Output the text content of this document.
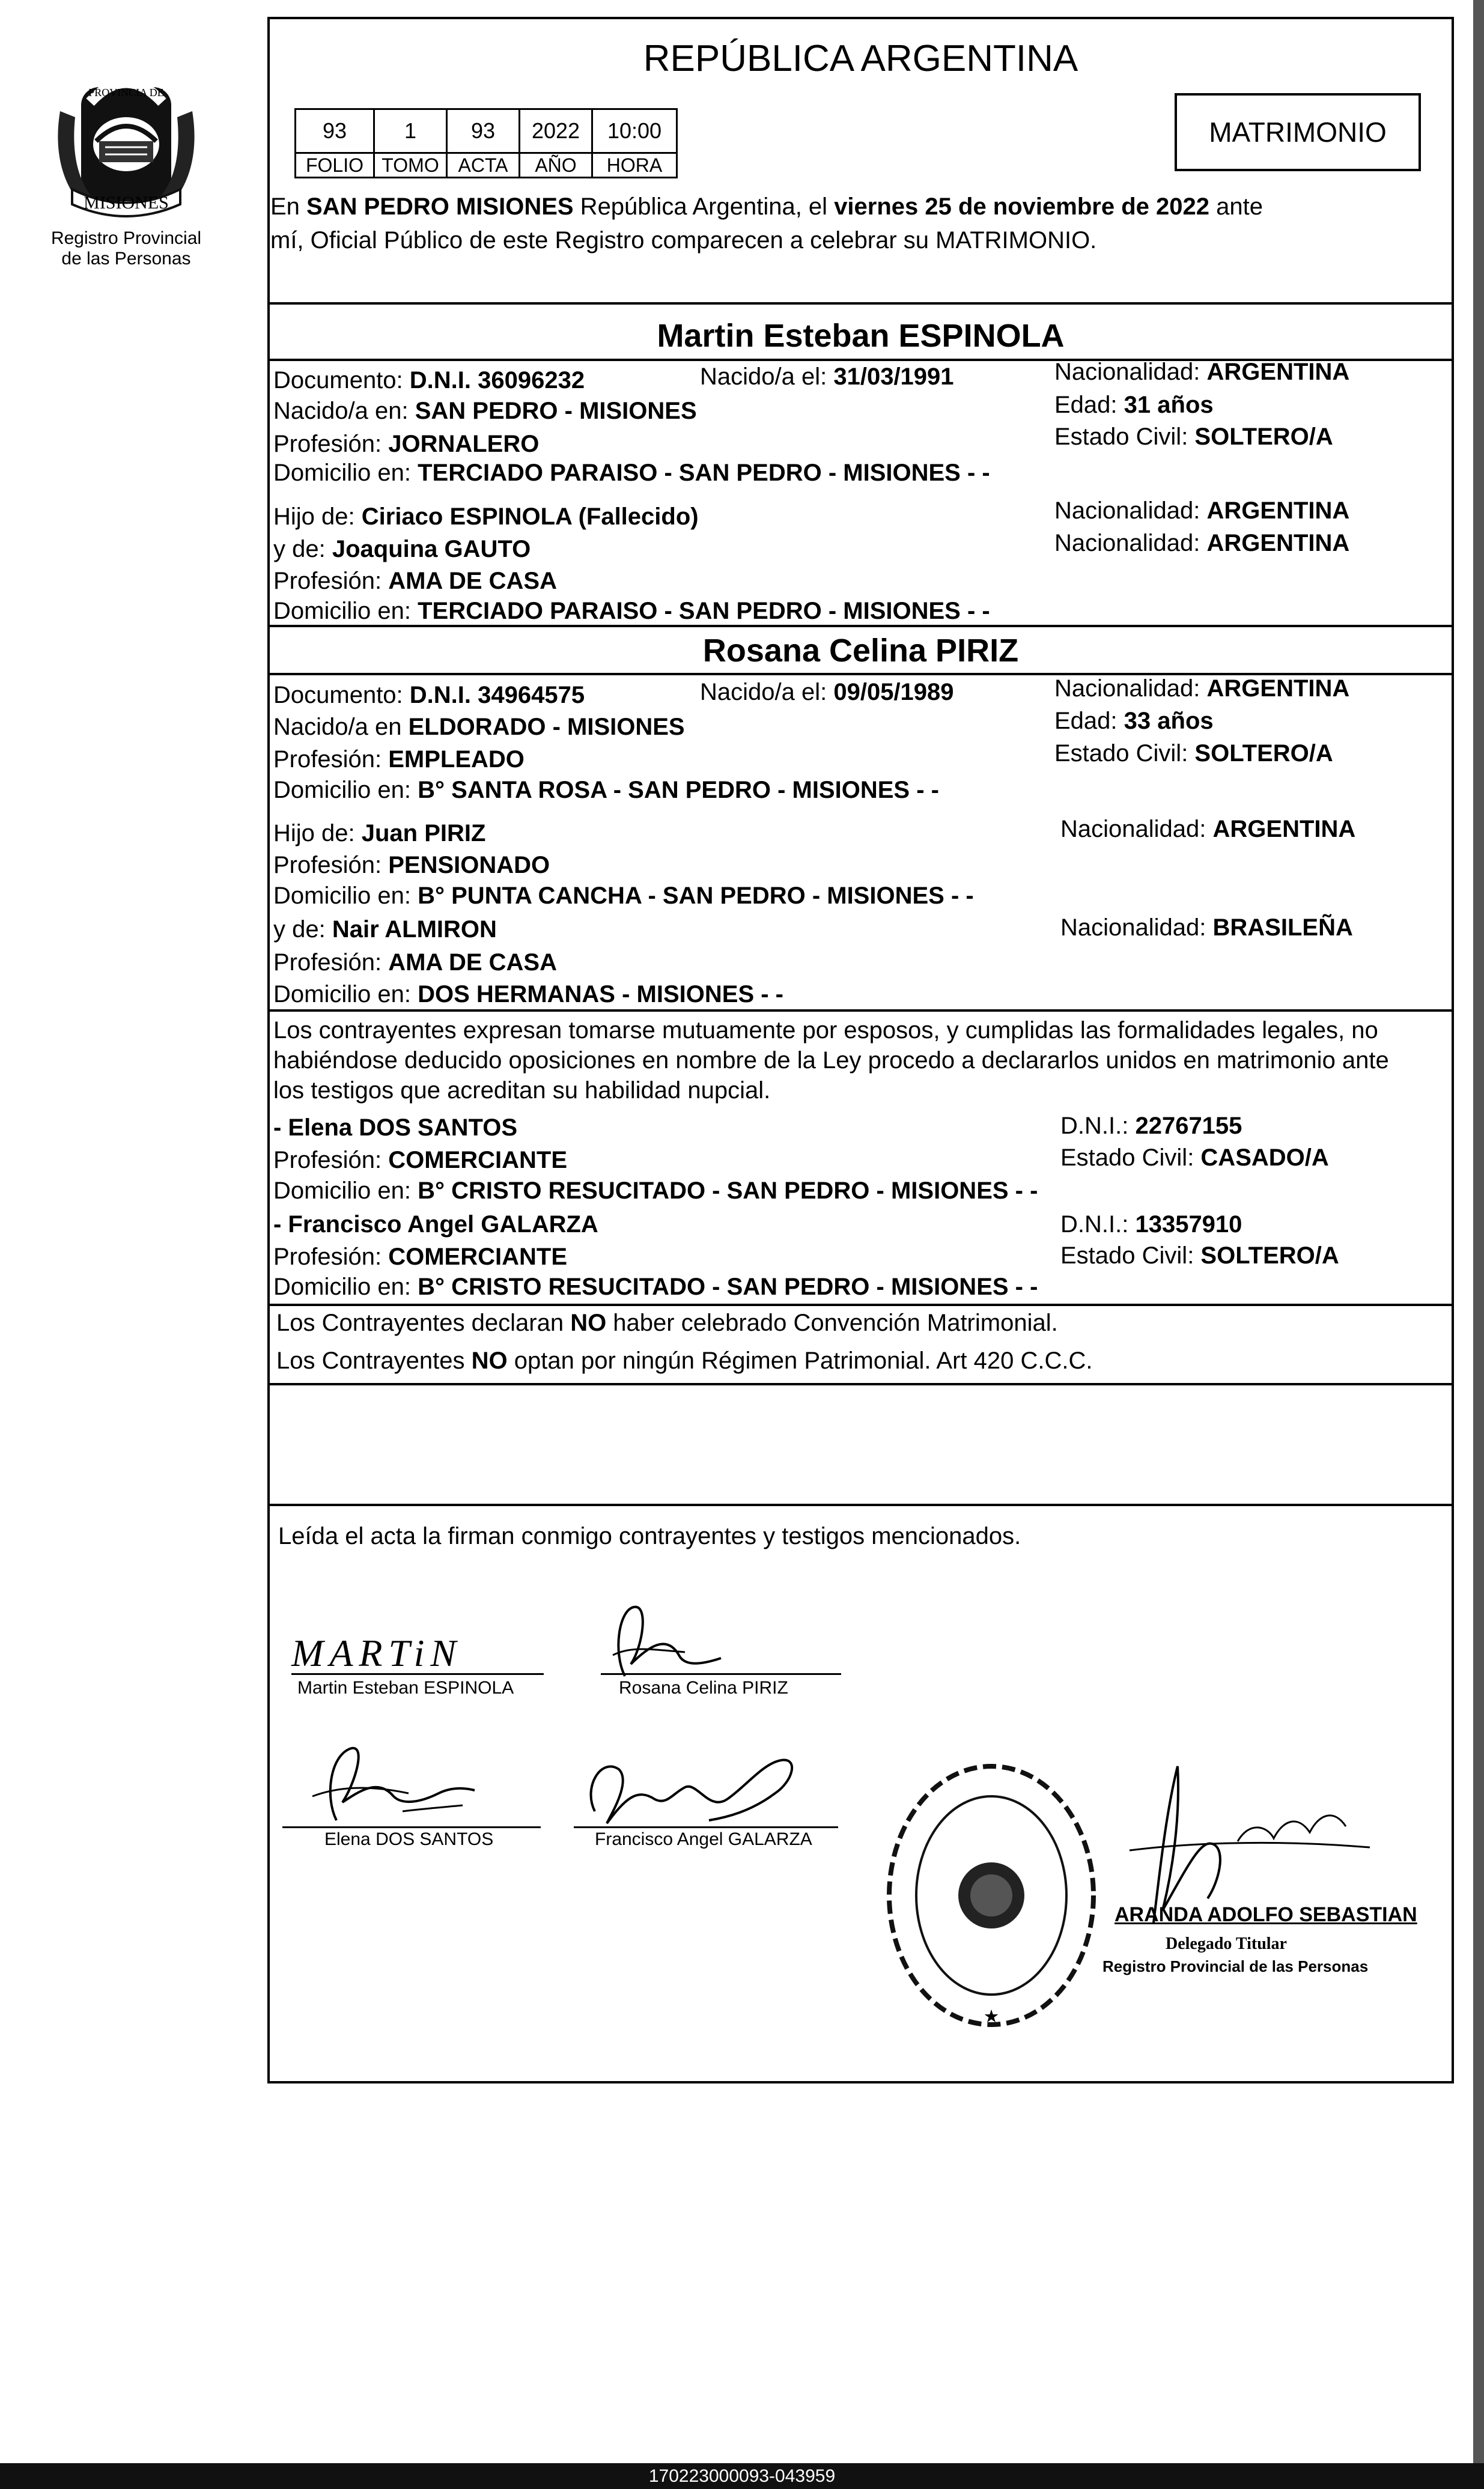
PROVINCIA DE
MISIONES
Registro Provincial
de las Personas
REPÚBLICA ARGENTINA
93	1	93	2022	10:00
FOLIO	TOMO	ACTA	AÑO	HORA
MATRIMONIO
En SAN PEDRO MISIONES República Argentina, el viernes 25 de noviembre de 2022 ante
mí, Oficial Público de este Registro comparecen a celebrar su MATRIMONIO.
Martin Esteban ESPINOLA
Documento: D.N.I. 36096232	Nacido/a el: 31/03/1991	Nacionalidad: ARGENTINA
Nacido/a en: SAN PEDRO - MISIONES	Edad: 31 años
Profesión: JORNALERO	Estado Civil: SOLTERO/A
Domicilio en: TERCIADO PARAISO - SAN PEDRO - MISIONES - -
Hijo de: Ciriaco ESPINOLA (Fallecido)	Nacionalidad: ARGENTINA
y de: Joaquina GAUTO	Nacionalidad: ARGENTINA
Profesión: AMA DE CASA
Domicilio en: TERCIADO PARAISO - SAN PEDRO - MISIONES - -
Rosana Celina PIRIZ
Documento: D.N.I. 34964575	Nacido/a el: 09/05/1989	Nacionalidad: ARGENTINA
Nacido/a en ELDORADO - MISIONES	Edad: 33 años
Profesión: EMPLEADO	Estado Civil: SOLTERO/A
Domicilio en: B° SANTA ROSA - SAN PEDRO - MISIONES - -
Hijo de: Juan PIRIZ	Nacionalidad: ARGENTINA
Profesión: PENSIONADO
Domicilio en: B° PUNTA CANCHA - SAN PEDRO - MISIONES - -
y de: Nair ALMIRON	Nacionalidad: BRASILEÑA
Profesión: AMA DE CASA
Domicilio en: DOS HERMANAS - MISIONES - -
Los contrayentes expresan tomarse mutuamente por esposos, y cumplidas las formalidades legales, no
habiéndose deducido oposiciones en nombre de la Ley procedo a declararlos unidos en matrimonio ante
los testigos que acreditan su habilidad nupcial.
- Elena DOS SANTOS	D.N.I.: 22767155
Profesión: COMERCIANTE	Estado Civil: CASADO/A
Domicilio en: B° CRISTO RESUCITADO - SAN PEDRO - MISIONES - -
- Francisco Angel GALARZA	D.N.I.: 13357910
Profesión: COMERCIANTE	Estado Civil: SOLTERO/A
Domicilio en: B° CRISTO RESUCITADO - SAN PEDRO - MISIONES - -
Los Contrayentes declaran NO haber celebrado Convención Matrimonial.
Los Contrayentes NO optan por ningún Régimen Patrimonial. Art 420 C.C.C.
Leída el acta la firman conmigo contrayentes y testigos mencionados.
MARTiN
Martin Esteban ESPINOLA	Rosana Celina PIRIZ
Elena DOS SANTOS	Francisco Angel GALARZA
★
ARANDA ADOLFO SEBASTIAN
Delegado Titular
Registro Provincial de las Personas
170223000093-043959
